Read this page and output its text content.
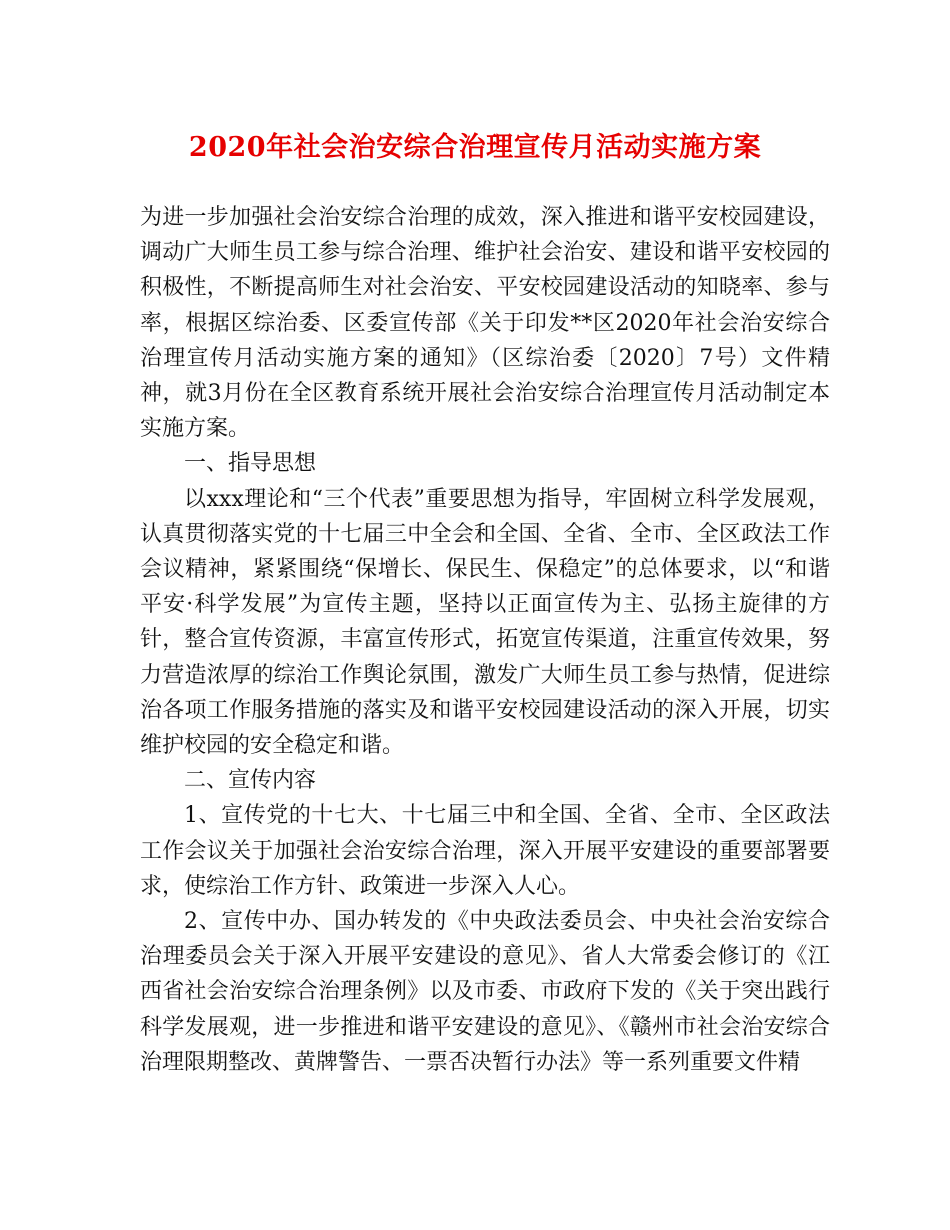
2020年社会治安综合治理宣传月活动实施方案

为进一步加强社会治安综合治理的成效，深入推进和谐平安校园建设，调动广大师生员工参与综合治理、维护社会治安、建设和谐平安校园的积极性，不断提高师生对社会治安、平安校园建设活动的知晓率、参与率，根据区综治委、区委宣传部《关于印发**区2020年社会治安综合治理宣传月活动实施方案的通知》（区综治委〔2020〕7号）文件精神，就3月份在全区教育系统开展社会治安综合治理宣传月活动制定本实施方案。

一、指导思想

以xxx理论和“三个代表”重要思想为指导，牢固树立科学发展观，认真贯彻落实党的十七届三中全会和全国、全省、全市、全区政法工作会议精神，紧紧围绕“保增长、保民生、保稳定”的总体要求，以“和谐平安·科学发展”为宣传主题，坚持以正面宣传为主、弘扬主旋律的方针，整合宣传资源，丰富宣传形式，拓宽宣传渠道，注重宣传效果，努力营造浓厚的综治工作舆论氛围，激发广大师生员工参与热情，促进综治各项工作服务措施的落实及和谐平安校园建设活动的深入开展，切实维护校园的安全稳定和谐。

二、宣传内容

1、宣传党的十七大、十七届三中和全国、全省、全市、全区政法工作会议关于加强社会治安综合治理，深入开展平安建设的重要部署要求，使综治工作方针、政策进一步深入人心。

2、宣传中办、国办转发的《中央政法委员会、中央社会治安综合治理委员会关于深入开展平安建设的意见》、省人大常委会修订的《江西省社会治安综合治理条例》以及市委、市政府下发的《关于突出践行科学发展观，进一步推进和谐平安建设的意见》、《赣州市社会治安综合治理限期整改、黄牌警告、一票否决暂行办法》等一系列重要文件精
